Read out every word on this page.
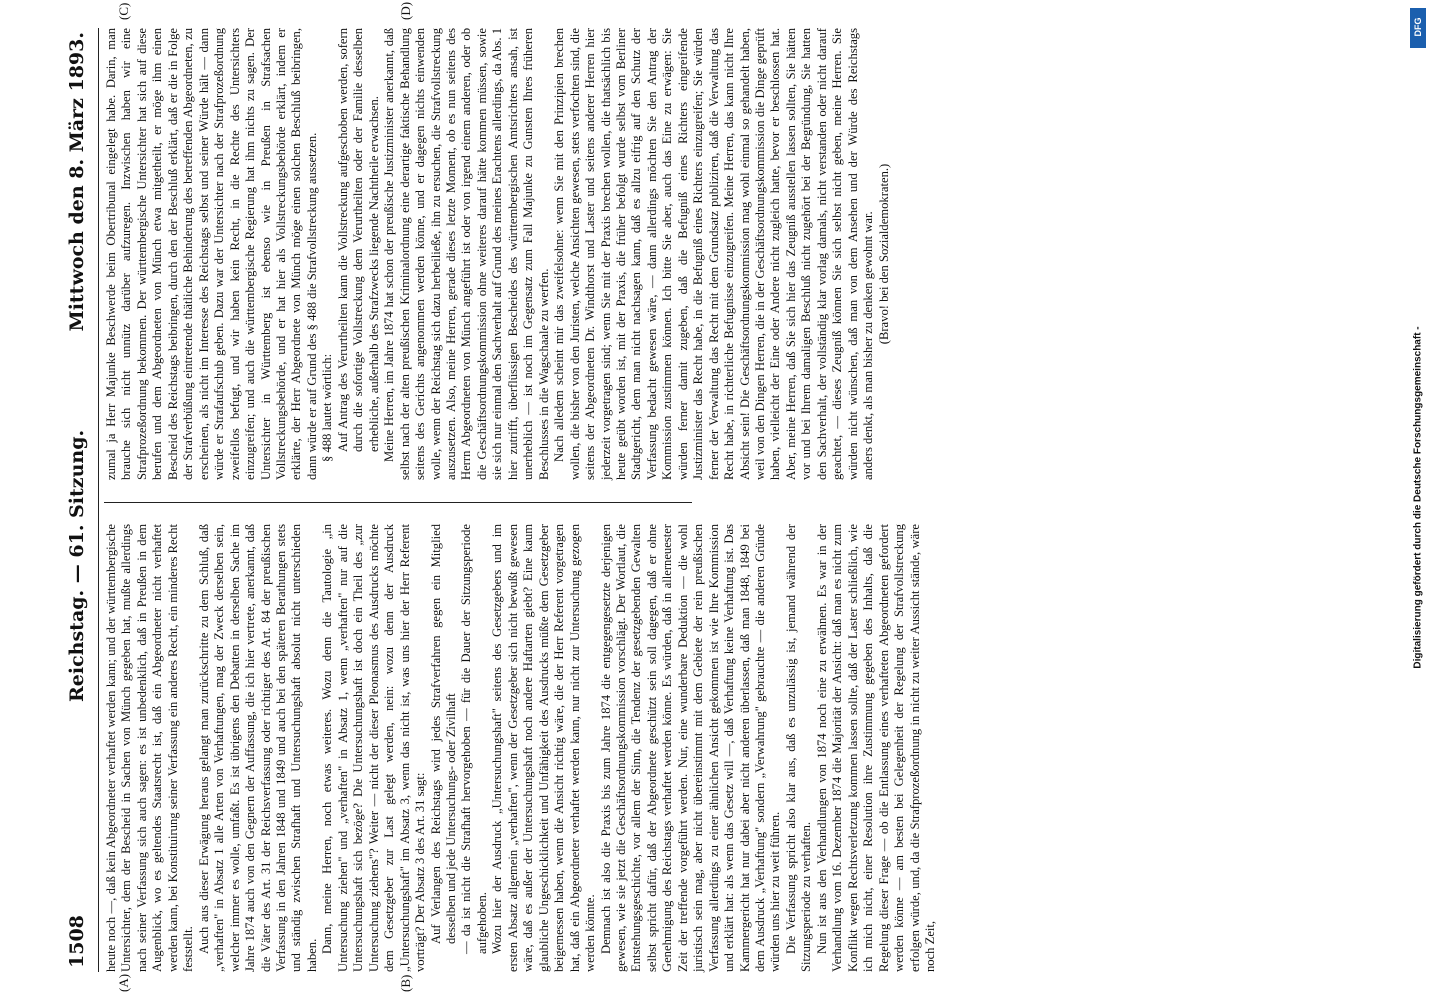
1508
Reichstag. — 61. Sitzung.
Mittwoch den 8. März 1893.
(A)	(B)
(C)	(D)

heute noch —, daß kein Abgeordneter verhaftet werden kann; und der württembergische Untersichter, dem der Bescheid in Sachen von Münch gegeben hat, mußte allerdings nach seiner Verfassung sich auch sagen: es ist unbedenklich, daß in Preußen in dem Augenblick, wo es geltendes Staatsrecht ist, daß ein Abgeordneter nicht verhaftet werden kann, bei Konstituirung seiner Verfassung ein anderes Recht, ein minderes Recht feststellt. Auch aus dieser Erwägung heraus gelangt man zurückschritte zu dem Schluß, daß „verhaften" in Absatz 1 alle Arten von Verhaftungen, mag der Zweck derselben sein, welcher immer es wolle, umfaßt. Es ist übrigens den Debatten in derselben Sache im Jahre 1874 auch von den Gegnern der Auffassung, die ich hier vertrete, anerkannt, daß die Väter des Art. 31 der Reichsverfassung oder richtiger des Art. 84 der preußischen Verfassung in den Jahren 1848 und 1849 und auch bei den späteren Berathungen stets und ständig zwischen Strafhaft und Untersuchungshaft absolut nicht unterschieden haben.

Dann, meine Herren, noch etwas weiteres. Wozu denn die Tautologie „in Untersuchung ziehen" und „verhaften" in Absatz 1, wenn „verhaften" nur auf die Untersuchungshaft sich bezöge? Die Untersuchungshaft ist doch ein Theil des „zur Untersuchung ziehens"? Weiter — nicht der dieser Pleonasmus des Ausdrucks möchte dem Gesetzgeber zur Last gelegt werden, nein: wozu denn der Ausdruck „Untersuchungshaft" im Absatz 3, wenn das nicht ist, was uns hier der Herr Referent vorträgt? Der Absatz 3 des Art. 31 sagt: Auf Verlangen des Reichstags wird jedes Strafverfahren gegen ein Mitglied desselben und jede Untersuchungs- oder Zivilhaft — da ist nicht die Strafhaft hervorgehoben — für die Dauer der Sitzungsperiode aufgehoben. Wozu hier der Ausdruck „Untersuchungshaft" seitens des Gesetzgebers und im ersten Absatz allgemein „verhaften", wenn der Gesetzgeber sich nicht bewußt gewesen wäre, daß es außer der Untersuchungshaft noch andere Haftarten giebt? Eine kaum glaubliche Ungeschicklichkeit und Unfähigkeit des Ausdrucks müßte dem Gesetzgeber beigemessen haben, wenn die Ansicht richtig wäre, die der Herr Referent vorgetragen hat, daß ein Abgeordneter verhaftet werden kann, nur nicht zur Untersuchung gezogen werden könnte. Demnach ist also die Praxis bis zum Jahre 1874 die entgegengesetzte derjenigen gewesen, wie sie jetzt die Geschäftsordnungskommission vorschlägt. Der Wortlaut, die Entstehungsgeschichte, vor allem der Sinn, die Tendenz der gesetzgebenden Gewalten selbst spricht dafür, daß der Abgeordnete geschützt sein soll dagegen, daß er ohne Genehmigung des Reichstags verhaftet werden könne. Es würden, daß in allerneuester Zeit der treffende vorgeführt werden. Nur, eine wunderbare Deduktion — die wohl juristisch sein mag, aber nicht übereinstimmt mit dem Gebiete der rein preußischen Verfassung allerdings zu einer ähnlichen Ansicht gekommen ist wie Ihre Kommission und erklärt hat: als wenn das Gesetz will —, daß Verhaftung keine Verhaftung ist. Das Kammergericht hat nur dabei aber nicht anderen überlassen, daß man 1848, 1849 bei dem Ausdruck „Verhaftung" sondern „Verwahrung" gebrauchte — die anderen Gründe würden uns hier zu weit führen. Die Verfassung spricht also klar aus, daß es unzulässig ist, jemand während der Sitzungsperiode zu verhaften. Nun ist aus den Verhandlungen von 1874 noch eine zu erwähnen. Es war in der Verhandlung vom 16. Dezember 1874 die Majorität der Ansicht: daß man es nicht zum Konflikt wegen Rechtsverletzung kommen lassen sollte, daß der Laster schließlich, wie ich mich nicht, einer Resolution ihre Zustimmung gegeben des Inhalts, daß die Regelung dieser Frage — ob die Entlassung eines verhafteten Abgeordneten gefordert werden könne — am besten bei Gelegenheit der Regelung der Strafvollstreckung erfolgen würde, und, da die Strafprozeßordnung in nicht zu weiter Aussicht stände, wäre noch Zeit,

zumal ja Herr Majunke Beschwerde beim Obertribunal eingelegt habe. Darin, man brauche sich nicht unnütz darüber aufzuregen. Inzwischen haben wir eine Strafprozeßordnung bekommen. Der württembergische Untersichter hat sich auf diese berufen und dem Abgeordneten von Münch etwa mitgetheilt, er möge ihm einen Bescheid des Reichstags beibringen, durch den der Beschluß erklärt, daß er die in Folge der Strafverbüßung eintretende thätliche Behinderung des betreffenden Abgeordneten, zu erscheinen, als nicht im Interesse des Reichstags selbst und seiner Würde hält — dann würde er Strafaufschub geben. Dazu war der Untersichter nach der Strafprozeßordnung zweifellos befugt, und wir haben kein Recht, in die Rechte des Untersichters einzugreifen; und auch die württembergische Regierung hat ihm nichts zu sagen. Der Untersichter in Württemberg ist ebenso wie in Preußen in Strafsachen Vollstreckungsbehörde, und er hat hier als Vollstreckungsbehörde erklärt, indem er erklärte, der Herr Abgeordnete von Münch möge einen solchen Beschluß beibringen, dann würde er auf Grund des § 488 die Strafvollstreckung aussetzen. § 488 lautet wörtlich: Auf Antrag des Verurtheilten kann die Vollstreckung aufgeschoben werden, sofern durch die sofortige Vollstreckung dem Verurtheilten oder der Familie desselben erhebliche, außerhalb des Strafzwecks liegende Nachtheile erwachsen. Meine Herren, im Jahre 1874 hat schon der preußische Justizminister anerkannt, daß selbst nach der alten preußischen Kriminalordnung eine derartige faktische Behandlung seitens des Gerichts angenommen werden könne, und er dagegen nichts einwenden wolle, wenn der Reichstag sich dazu herbeiließe, ihn zu ersuchen, die Strafvollstreckung auszusetzen. Also, meine Herren, gerade dieses letzte Moment, ob es nun seitens des Herrn Abgeordneten von Münch angeführt ist oder von irgend einem anderen, oder ob die Geschäftsordnungskommission ohne weiteres darauf hätte kommen müssen, sowie sie sich nur einmal den Sachverhalt auf Grund des meines Erachtens allerdings, da Abs. 1 hier zutrifft, überflüssigen Bescheides des württembergischen Amtsrichters ansah, ist unerheblich — ist noch im Gegensatz zum Fall Majunke zu Gunsten Ihres früheren Beschlusses in die Wagschaale zu werfen. Nach alledem scheint mir das zweifelsohne: wenn Sie mit den Prinzipien brechen wollen, die bisher von den Juristen, welche Ansichten gewesen, stets verfochten sind, die seitens der Abgeordneten Dr. Windthorst und Laster und seitens anderer Herren hier jederzeit vorgetragen sind; wenn Sie mit der Praxis brechen wollen, die thatsächlich bis heute geübt worden ist, mit der Praxis, die früher befolgt wurde selbst vom Berliner Stadtgericht, dem man nicht nachsagen kann, daß es allzu eifrig auf den Schutz der Verfassung bedacht gewesen wäre, — dann allerdings möchten Sie den Antrag der Kommission zustimmen können. Ich bitte Sie aber, auch das Eine zu erwägen: Sie würden ferner damit zugeben, daß die Befugniß eines Richters eingreifende Justizminister das Recht habe, in die Befugniß eines Richters einzugreifen; Sie würden ferner der Verwaltung das Recht mit dem Grundsatz publiziren, daß die Verwaltung das Recht habe, in richterliche Befugnisse einzugreifen. Meine Herren, das kann nicht Ihre Absicht sein! Die Geschäftsordnungskommission mag wohl einmal so gehandelt haben, weil von den Dingen Herren, die in der Geschäftsordnungskommission die Dinge geprüft haben, vielleicht der Eine oder Andere nicht zugleich hatte, bevor er beschlossen hat. Aber, meine Herren, daß Sie sich hier das Zeugniß ausstellen lassen sollten, Sie hätten vor und bei Ihrem damaligen Beschluß nicht zugehört bei der Begründung, Sie hatten den Sachverhalt, der vollständig klar vorlag damals, nicht verstanden oder nicht darauf geachtet, — dieses Zeugniß können Sie sich selbst nicht geben, meine Herren. Sie würden nicht wünschen, daß man von dem Ansehen und der Würde des Reichstags anders denkt, als man bisher zu denken gewohnt war. (Bravo! bei den Sozialdemokraten.)

DFG
Digitalisierung gefördert durch die Deutsche Forschungsgemeinschaft -
